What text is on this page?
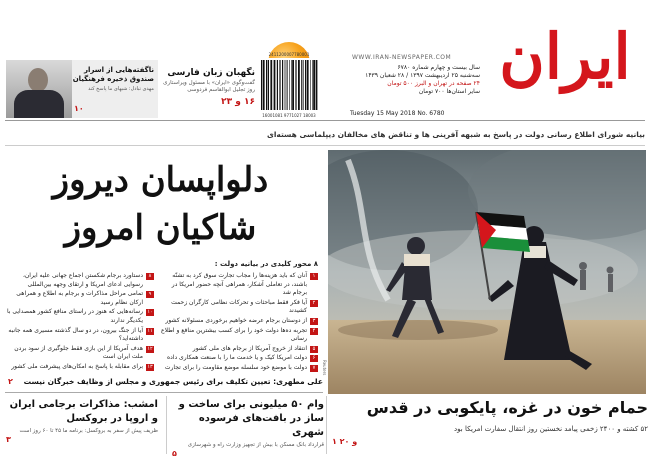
ایران
WWW.IRAN-NEWSPAPER.COM
سال بیست و چهارم شماره ۶۷۸۰
سه‌شنبه ۲۵ اردیبهشت ۱۳۹۷ / ۲۸ شعبان ۱۴۳۹
۲۴ صفحه در تهران و البرز ۵۰۰ تومان
سایر استان‌ها ۷۰۰ تومان
Tuesday 15 May 2018 No. 6780
2411200007780001
16001081 9771027 18003
نگهبان زبان فارسی
گفت‌وگوی «ایران» با مسئول ویراستاری روز تجلیل ابوالقاسم فردوسی
۱۶ و ۲۳
ناگفته‌هایی از اسرار صندوق ذخیره فرهنگیان
مهدی تبادل: شبهای ما پاسخ کند
۱۰
بیانیه شورای اطلاع رسانی دولت در پاسخ به شبهه آفرینی ها و تناقض های مخالفان دیپلماسی هسته‌ای
Reuters
دلواپسان دیروز
شاکیان امروز
۸ محور کلیدی در بیانیه دولت :
۱
آنان که باید هزینه‌ها را مجاب تجارت سوق کرد به تشنّه باشند، در تعاملی آشکار، همراهی آنچه حضور امریکا در برجام شد
۲
آیا فکر فقط مباحثات و تحرکات نظامی کارگران زحمت کشیدند
۳
از دوستان برجام عرضه خواهیم برخوردی مسئولانه کشور
۴
تجربه ده‌ها دولت خود را برای کسب بیشترین منافع و اطلاع رسانی
۵
انتقاد از خروج آمریکا از برجام های ملی کشور
۶
دولت امریکا کیک و یا خدمت ما را با صنعت همکاری داده
۷
دولت با موضع خود سلسله موضع مقاومت را برای تجارت
۸
دستاورد برجام شکستن اجماع جهانی علیه ایران، رسوایی ادعای امریکا و ارتقای وجهه بین‌المللی
۹
تمامی مراحل مذاکرات و برجام به اطلاع و همراهی ارکان نظام رسید
۱۰
رسانه‌هایی که هنوز در راستای منافع کشور همصدایی با یکدیگر ندارند
۱۱
آیا از جنگ بیرون، در دو سال گذشته مسیری همه جانبه داشته‌اید؟
۱۲
هدف آمریکا از این بازی فقط جلوگیری از سود بردن ملت ایران است
۱۳
برای مقابله با پاسخ به امکان‌های پیشرفت ملی کشور
علی مطهری: تعیین تکلیف برای رئیس جمهوری و مجلس از وظایف خبرگان نیست
۲
حمام خون در غزه، پایکوبی در قدس
۵۲ کشته و ۲۴۰۰ زخمی پیامد نخستین روز انتقال سفارت امریکا بود
۱ و ۲۰
وام ۵۰ میلیونی برای ساخت و ساز در بافت‌های فرسوده شهری
قرارداد بانک مسکن با بیش از تجهیز وزارت راه و شهرسازی
۵
امشب: مذاکرات برجامی ایران و اروپا در بروکسل
ظریف پیش از سفر به بروکسل: برنامه ما ۴۵ تا ۶۰ روز است
۳
